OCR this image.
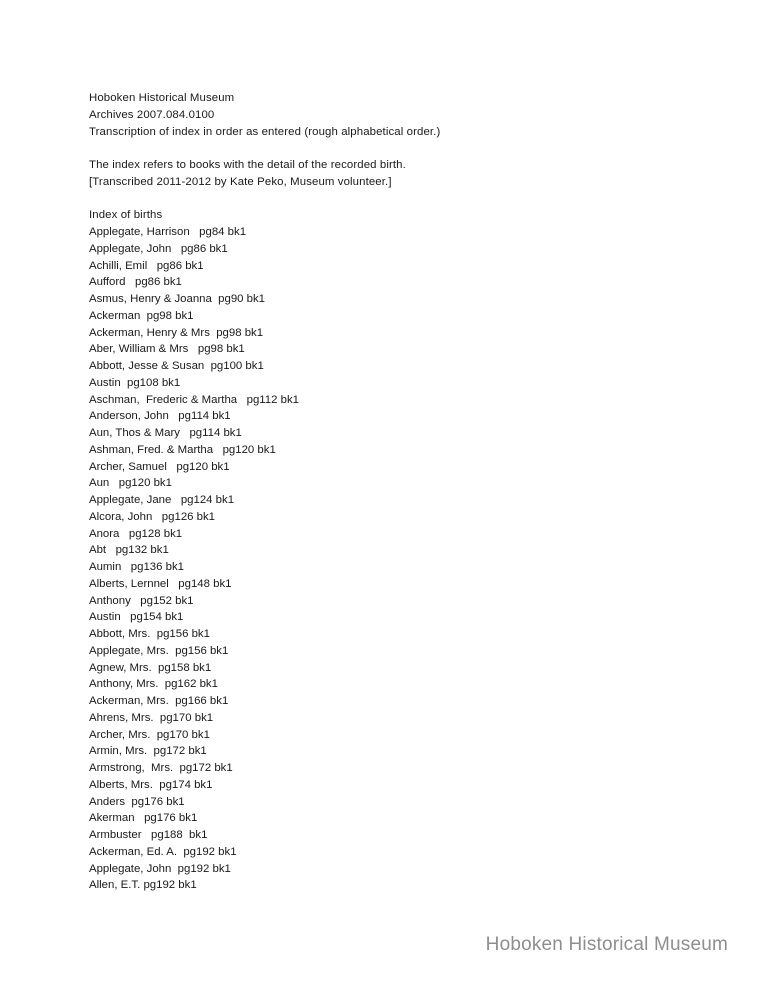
Hoboken Historical Museum
Archives 2007.084.0100
Transcription of index in order as entered (rough alphabetical order.)
The index refers to books with the detail of the recorded birth.
[Transcribed 2011-2012 by Kate Peko, Museum volunteer.]
Index of births
Applegate, Harrison   pg84 bk1
Applegate, John   pg86 bk1
Achilli, Emil   pg86 bk1
Aufford   pg86 bk1
Asmus, Henry & Joanna  pg90 bk1
Ackerman  pg98 bk1
Ackerman, Henry & Mrs  pg98 bk1
Aber, William & Mrs   pg98 bk1
Abbott, Jesse & Susan  pg100 bk1
Austin  pg108 bk1
Aschman,  Frederic & Martha   pg112 bk1
Anderson, John   pg114 bk1
Aun, Thos & Mary   pg114 bk1
Ashman, Fred. & Martha   pg120 bk1
Archer, Samuel   pg120 bk1
Aun   pg120 bk1
Applegate, Jane   pg124 bk1
Alcora, John   pg126 bk1
Anora   pg128 bk1
Abt   pg132 bk1
Aumin   pg136 bk1
Alberts, Lernnel   pg148 bk1
Anthony   pg152 bk1
Austin   pg154 bk1
Abbott, Mrs.  pg156 bk1
Applegate, Mrs.  pg156 bk1
Agnew, Mrs.  pg158 bk1
Anthony, Mrs.  pg162 bk1
Ackerman, Mrs.  pg166 bk1
Ahrens, Mrs.  pg170 bk1
Archer, Mrs.  pg170 bk1
Armin, Mrs.  pg172 bk1
Armstrong,  Mrs.  pg172 bk1
Alberts, Mrs.  pg174 bk1
Anders  pg176 bk1
Akerman   pg176 bk1
Armbuster   pg188  bk1
Ackerman, Ed. A.  pg192 bk1
Applegate, John  pg192 bk1
Allen, E.T. pg192 bk1
Hoboken Historical Museum
